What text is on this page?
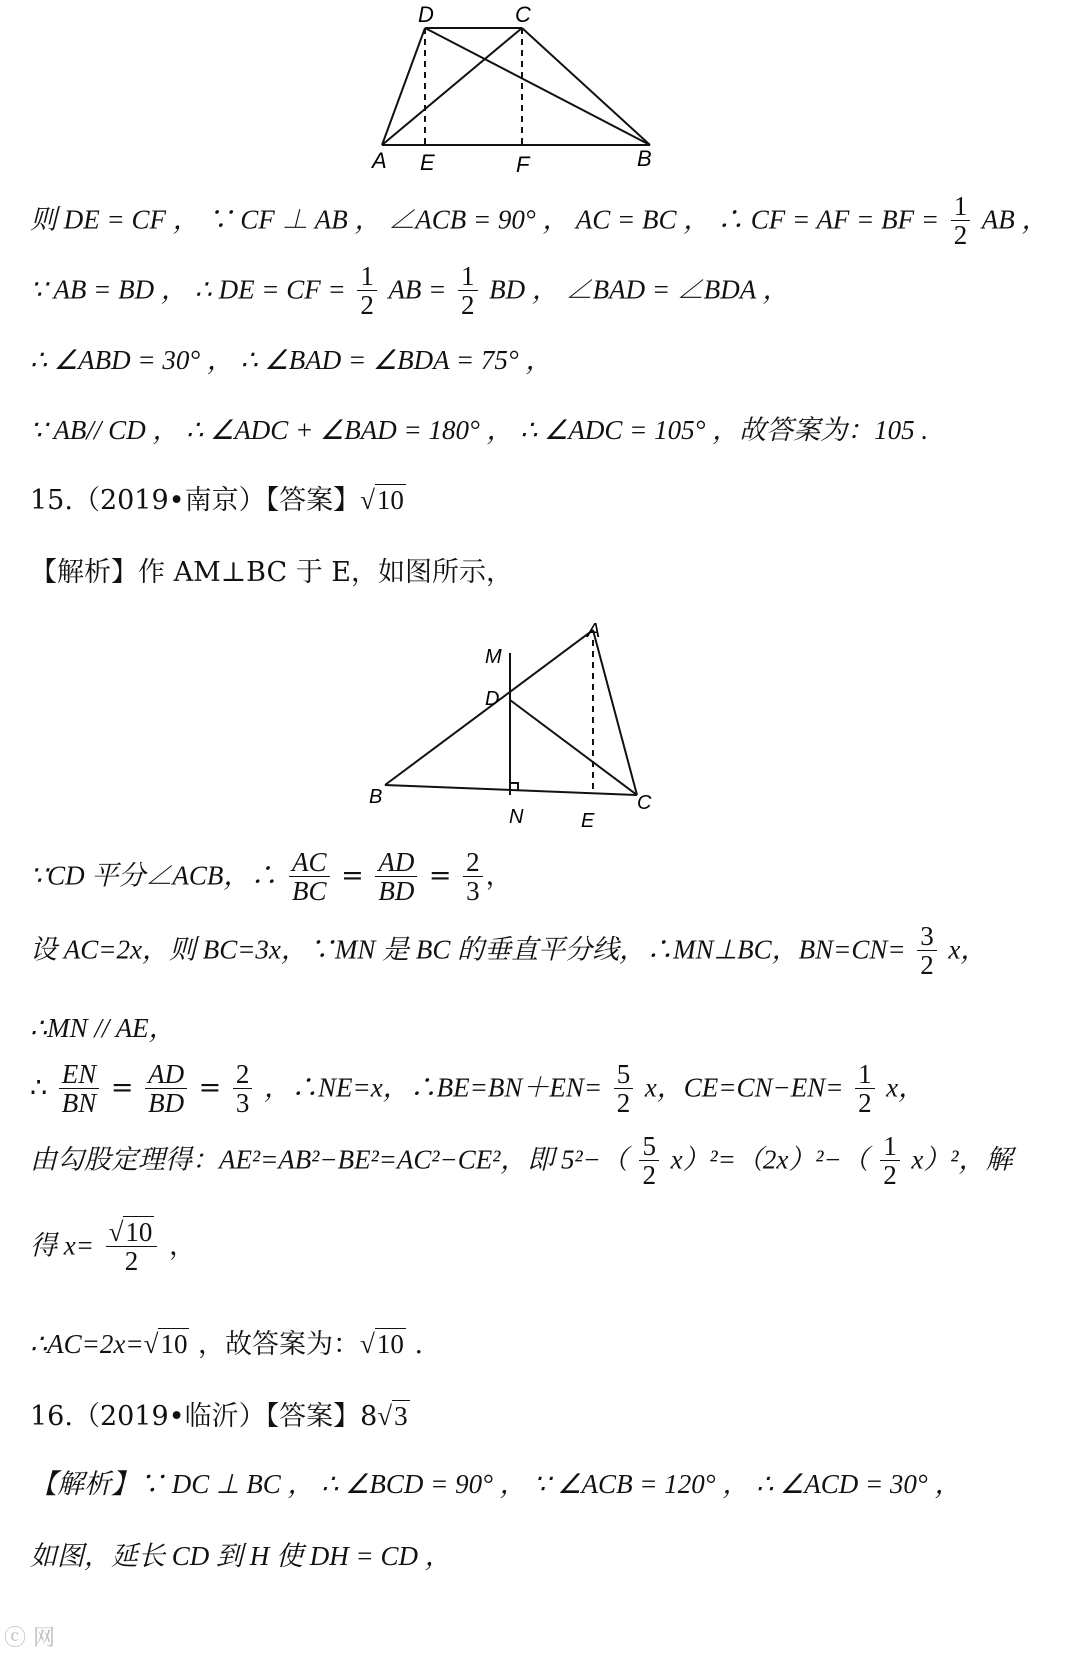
D	C
A E	F	B
则 DE = CF ， ∵ CF ⊥ AB ， ∠ACB = 90° ， AC = BC ， ∴ CF = AF = BF = $\frac{1}{2}$ AB ，
∵ AB = BD ， ∴ DE = CF = $\frac{1}{2}$ AB = $\frac{1}{2}$ BD ， ∠BAD = ∠BDA ，
∴ ∠ABD = 30° ， ∴ ∠BAD = ∠BDA = 75° ，
∵ AB// CD ， ∴ ∠ADC + ∠BAD = 180° ， ∴ ∠ADC = 105° ，故答案为：105 .
15.（2019•南京）【答案】√10
【解析】作 AM⊥BC 于 E，如图所示，
M
A
D
B
N	E
C
∵CD 平分∠ACB，∴ $\frac{AC}{BC} = \frac{AD}{BD} = \frac{2}{3}$ ，
设 AC=2x，则 BC=3x，∵MN 是 BC 的垂直平分线，∴MN⊥BC，$BN=CN= \frac{3}{2}$ x，
∴MN // AE，
∴ $\frac{EN}{BN} = \frac{AD}{BD} = \frac{2}{3}$ ，∴NE=x，∴BE=BN＋EN= $\frac{5}{2}$ x，$CE=CN-EN= \frac{1}{2}$ x，
由勾股定理得：AE²=AB²−BE²=AC²−CE²，即 $5^2-( \frac{5}{2} x)^2=(2x)^2-( \frac{1}{2} x)^2$，解
得 $x= \frac{√10}{2}$ ，
∴AC=2x=√10 ，故答案为：√10 .
16.（2019•临沂）【答案】8√3
【解析】∵ DC ⊥ BC ， ∴ ∠BCD = 90° ， ∵ ∠ACB = 120° ， ∴ ∠ACD = 30° ，
如图，延长 CD 到 H 使 DH = CD ，
ⓒ 网
